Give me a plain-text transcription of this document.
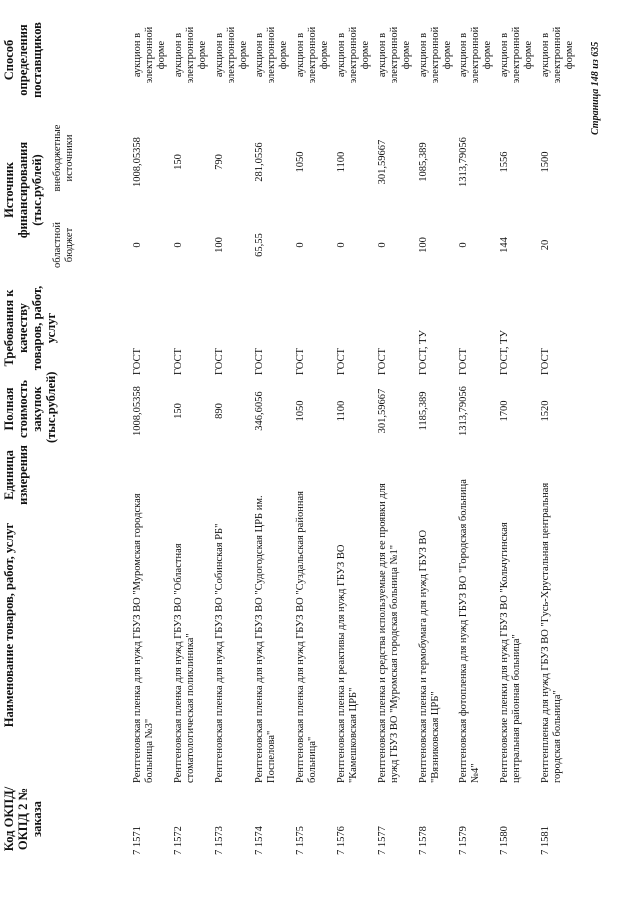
Код ОКПД/ ОКПД 2 № заказа
Наименование товаров, работ, услуг
Единица измерения
Полная стоимость закупок (тыс.рублей)
Требования к качеству товаров, работ, услуг
Источник финансирования (тыс.рублей)
областной бюджет
внебюджетные источники
Способ определения поставщиков
7 1571
Рентгеновская пленка для нужд ГБУЗ ВО "Муромская городская больница №3"
1008,05358
ГОСТ
0
1008,05358
аукцион в электронной форме
7 1572
Рентгеновская пленка для нужд ГБУЗ ВО "Областная стоматологическая поликлиника"
150
ГОСТ
0
150
аукцион в электронной форме
7 1573
Рентгеновская пленка для нужд ГБУЗ ВО "Собинская РБ"
890
ГОСТ
100
790
аукцион в электронной форме
7 1574
Рентгеновская пленка для нужд ГБУЗ ВО "Судогодская ЦРБ им. Поспелова"
346,6056
ГОСТ
65,55
281,0556
аукцион в электронной форме
7 1575
Рентгеновская пленка для нужд ГБУЗ ВО "Суздальская районная больница"
1050
ГОСТ
0
1050
аукцион в электронной форме
7 1576
Рентгеновская пленка и реактивы для нужд ГБУЗ ВО "Камешковская ЦРБ"
1100
ГОСТ
0
1100
аукцион в электронной форме
7 1577
Рентгеновская пленка и средства используемые для ее проявки для нужд ГБУЗ ВО "Муромская городская больница №1"
301,59667
ГОСТ
0
301,59667
аукцион в электронной форме
7 1578
Рентгеновская пленка и термобумага для нужд ГБУЗ ВО "Вязниковская ЦРБ"
1185,389
ГОСТ, ТУ
100
1085,389
аукцион в электронной форме
7 1579
Рентгеновская фотопленка для нужд ГБУЗ ВО "Городская больница №4"
1313,79056
ГОСТ
0
1313,79056
аукцион в электронной форме
7 1580
Рентгеновские пленки для нужд ГБУЗ ВО "Кольчугинская центральная районная больница"
1700
ГОСТ, ТУ
144
1556
аукцион в электронной форме
7 1581
Рентгенпленка для нужд ГБУЗ ВО "Гусь-Хрустальная центральная городская больница"
1520
ГОСТ
20
1500
аукцион в электронной форме Страница 148 из 635
